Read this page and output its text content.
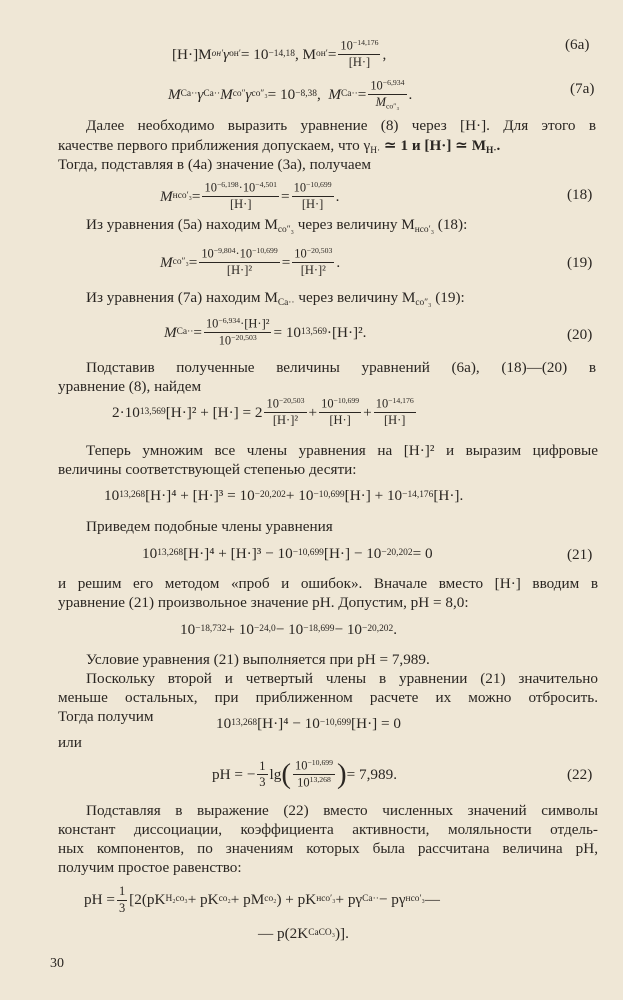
[H·]M он′ γ он′ = 10 −14,18 , M $он' = \frac{10^{-14,176}}{[H\cdot]}$ ,
(6а)
M Ca·· γ Ca·· M co″ γ co″₃ = 10 −8,38 ,
M Ca·· =
$10^{-6,934}$
$M_{co''_3}$
.	(7а)
Далее необходимо выразить уравнение (8) через [H·]. Для этого в
качестве первого приближения допускаем, что $\gamma_{H\cdot}$ ≃ 1 и [H·] ≃ $M_{H\cdot}$.
Тогда, подставляя в (4а) значение (3а), получаем
M $нco'_3 = \frac{10^{-6,198}\cdot 10^{-4,501}}{[H\cdot]} = \frac{10^{-10,699}}{[H\cdot]}$ .	(18)
Из уравнения (5а) находим $M_{co''_3}$ через величину $M_{нco'_3}$ (18):
M $co''_3 = \frac{10^{-9,804}\cdot 10^{-10,699}}{\text{[H·]²}} = \frac{10^{-20,503}}{\text{[H·]²}}$ .	(19)
Из уравнения (7а) находим $M_{Ca\cdot\cdot}$ через величину $M_{co''_3}$ (19):
M $Ca\cdot\cdot = \frac{10^{-6,934}\cdot[H\cdot]^2}{10^{-20,503}} = 10$ 13,569 ·[H·]².	(20)
Подставив полученные величины уравнений (6а), (18)—(20) в
уравнение (8), найдем
2·10 13,569 [H·]² + [H·] = 2
$10^{-20,503}$
$[H\cdot]^2 + \frac{10^{-10,699}}{[H\cdot]} + \frac{10^{-14,176}}{[H\cdot]}$
Теперь умножим все члены уравнения на [H·]² и выразим цифровые
величины соответствующей степенью десяти:
10 13,268 [H·]⁴ + [H·]³ = 10 −20,202 + 10 −10,699 [H·] + 10 −14,176 [H·].
Приведем подобные члены уравнения
10 13,268 [H·]⁴ + [H·]³ − 10 −10,699 [H·] − 10 −20,202 = 0	(21)
и решим его методом «проб и ошибок». Вначале вместо [H·] вводим в
уравнение (21) произвольное значение pH. Допустим, pH = 8,0:
10 −18,732 + 10 −24,0 − 10 −18,699 − 10 −20,202 .
Условие уравнения (21) выполняется при pH = 7,989.
Поскольку второй и четвертый члены в уравнении (21) значительно
меньше остальных, при приближенном расчете их можно отбросить.
Тогда получим	10 13,268 [H·]⁴ − 10 −10,699 [H·] = 0
или
pH = − $\frac{1}{3}$ lg ( $10^{-10,699}$
10$^{13,268}$ ) = 7,989.	(22)
Подставляя в выражение (22) вместо численных значений символы
констант диссоциации, коэффициента активности, моляльности отдель-
ных компонентов, по значениям которых была рассчитана величина pH,
получим простое равенство:
pH = $\frac{1}{3} [2(pK$ H₂co₃ + pK co₂ + pM co₂ ) + pK нco′₃ + pγ Ca·· − pγ нco′₃ —
— p(2K CaCO₃ )].
30
